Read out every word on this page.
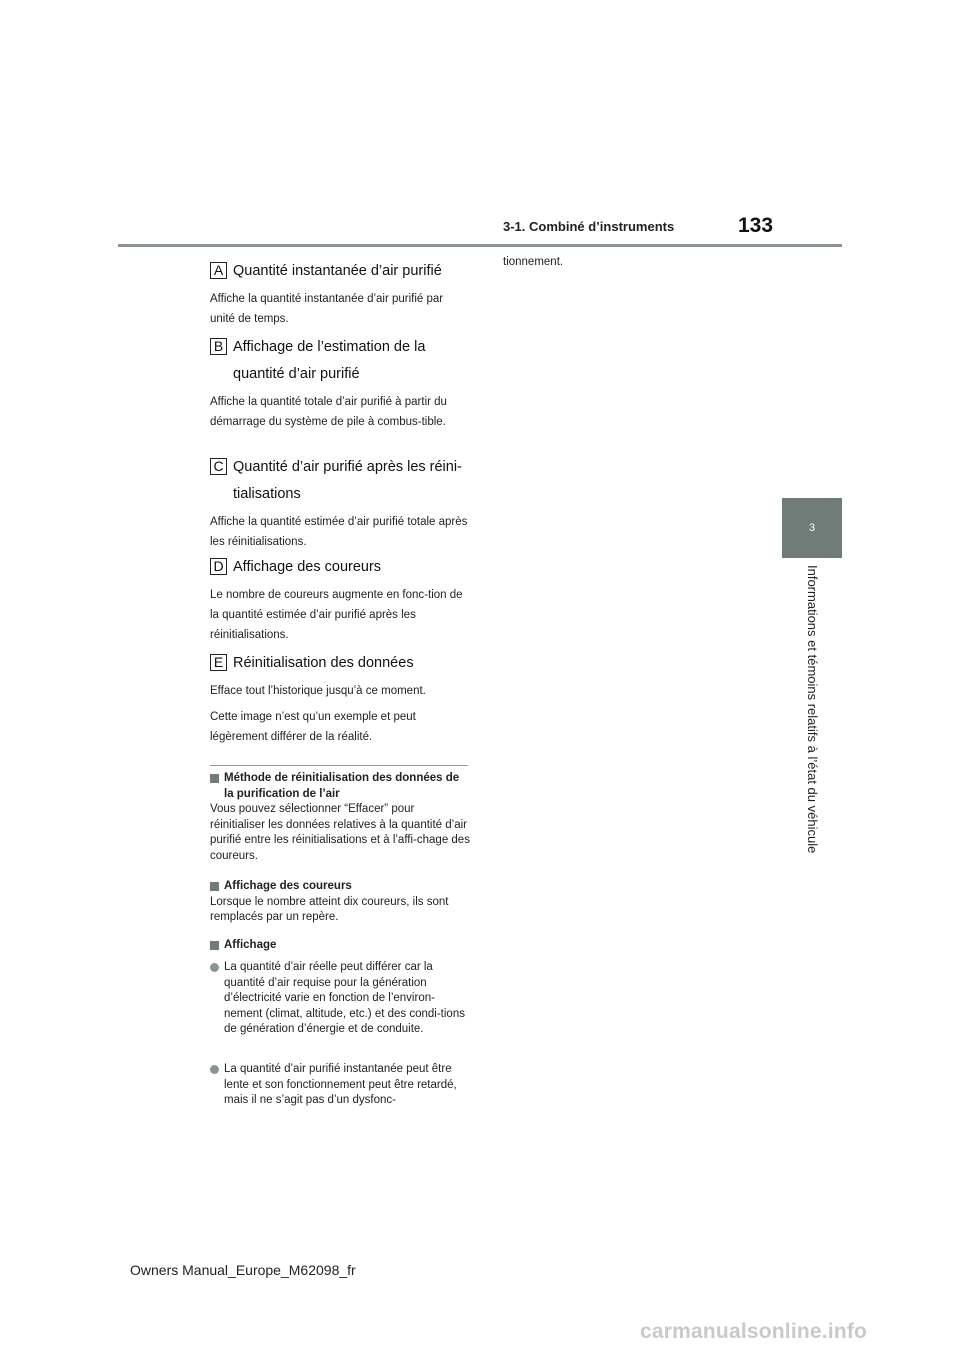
3-1. Combiné d’instruments	133
3
Informations et témoins relatifs à l’état du véhicule
A Quantité instantanée d’air purifié
Affiche la quantité instantanée d’air purifié par unité de temps.
B Affichage de l’estimation de la quantité d’air purifié
Affiche la quantité totale d’air purifié à partir du démarrage du système de pile à combus-tible.
C Quantité d’air purifié après les réini-tialisations
Affiche la quantité estimée d’air purifié totale après les réinitialisations.
D Affichage des coureurs
Le nombre de coureurs augmente en fonc-tion de la quantité estimée d’air purifié après les réinitialisations.
E Réinitialisation des données
Efface tout l’historique jusqu’à ce moment.
Cette image n’est qu’un exemple et peut légèrement différer de la réalité.
Méthode de réinitialisation des données de la purification de l’air
Vous pouvez sélectionner “Effacer” pour réinitialiser les données relatives à la quantité d’air purifié entre les réinitialisations et à l’affi-chage des coureurs.
Affichage des coureurs
Lorsque le nombre atteint dix coureurs, ils sont remplacés par un repère.
Affichage
La quantité d’air réelle peut différer car la quantité d’air requise pour la génération d’électricité varie en fonction de l’environ-nement (climat, altitude, etc.) et des condi-tions de génération d’énergie et de conduite.
La quantité d’air purifié instantanée peut être lente et son fonctionnement peut être retardé, mais il ne s’agit pas d’un dysfonc-
tionnement.
Owners Manual_Europe_M62098_fr
carmanualsonline.info
